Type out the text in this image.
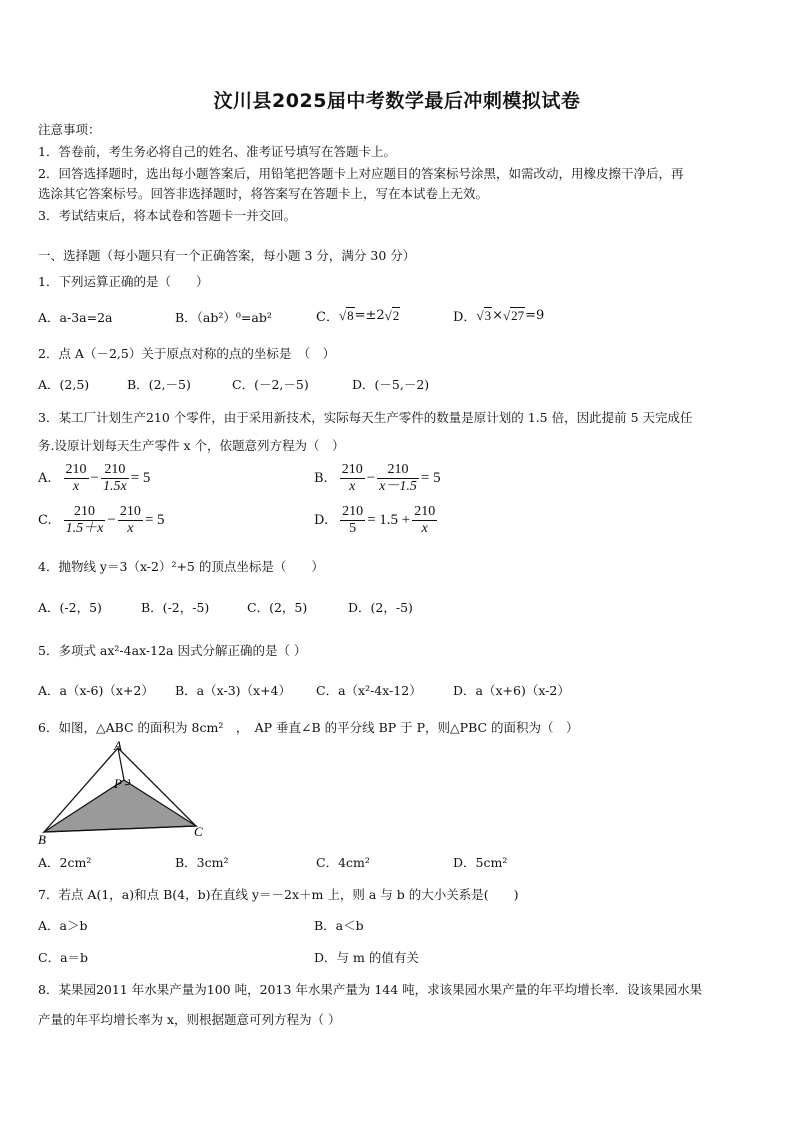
汶川县2025届中考数学最后冲刺模拟试卷
注意事项：
1．答卷前，考生务必将自己的姓名、准考证号填写在答题卡上。
2．回答选择题时，选出每小题答案后，用铅笔把答题卡上对应题目的答案标号涂黑，如需改动，用橡皮擦干净后，再
选涂其它答案标号。回答非选择题时，将答案写在答题卡上，写在本试卷上无效。
3．考试结束后，将本试卷和答题卡一并交回。
一、选择题（每小题只有一个正确答案，每小题 3 分，满分 30 分）
1．下列运算正确的是（　　）
A．a-3a=2a	B．（ab²）⁰=ab²	C． √8 =±2 √2	D． √3 × √27 =9
2．点 A（－2,5）关于原点对称的点的坐标是　（　）
A．(2,5)	B．(2,－5)	C．(－2,－5)	D．(－5,－2)
3．某工厂计划生产210 个零件，由于采用新技术，实际每天生产零件的数量是原计划的 1.5 倍，因此提前 5 天完成任
务.设原计划每天生产零件 x 个，依题意列方程为（　）
A. $\frac{210}{x} - \frac{210}{1.5x} = 5$	B. $\frac{210}{x} - \frac{210}{x-1.5} = 5$
C. $\frac{210}{1.5+x} - \frac{210}{x} = 5$	D. $\frac{210}{5} = 1.5 + \frac{210}{x}$
4．抛物线 y＝3（x-2）²+5 的顶点坐标是（　　）
A．(-2，5)	B．(-2，-5)	C．(2，5)	D．(2，-5)
5．多项式 ax²-4ax-12a 因式分解正确的是（ ）
A．a（x-6)（x+2） B．a（x-3)（x+4） C．a（x²-4x-12）	D．a（x+6)（x-2）
6．如图，△ABC 的面积为 8cm²　，　AP 垂直∠B 的平分线 BP 于 P，则△PBC 的面积为（　）
A
B
C
P
A．2cm²	B．3cm²	C．4cm²	D．5cm²
7．若点 A(1，a)和点 B(4，b)在直线 y＝－2x＋m 上，则 a 与 b 的大小关系是(　　)
A．a＞b	B．a＜b
C．a＝b	D．与 m 的值有关
8．某果园2011 年水果产量为100 吨，2013 年水果产量为 144 吨，求该果园水果产量的年平均增长率．设该果园水果
产量的年平均增长率为 x，则根据题意可列方程为（ ）
